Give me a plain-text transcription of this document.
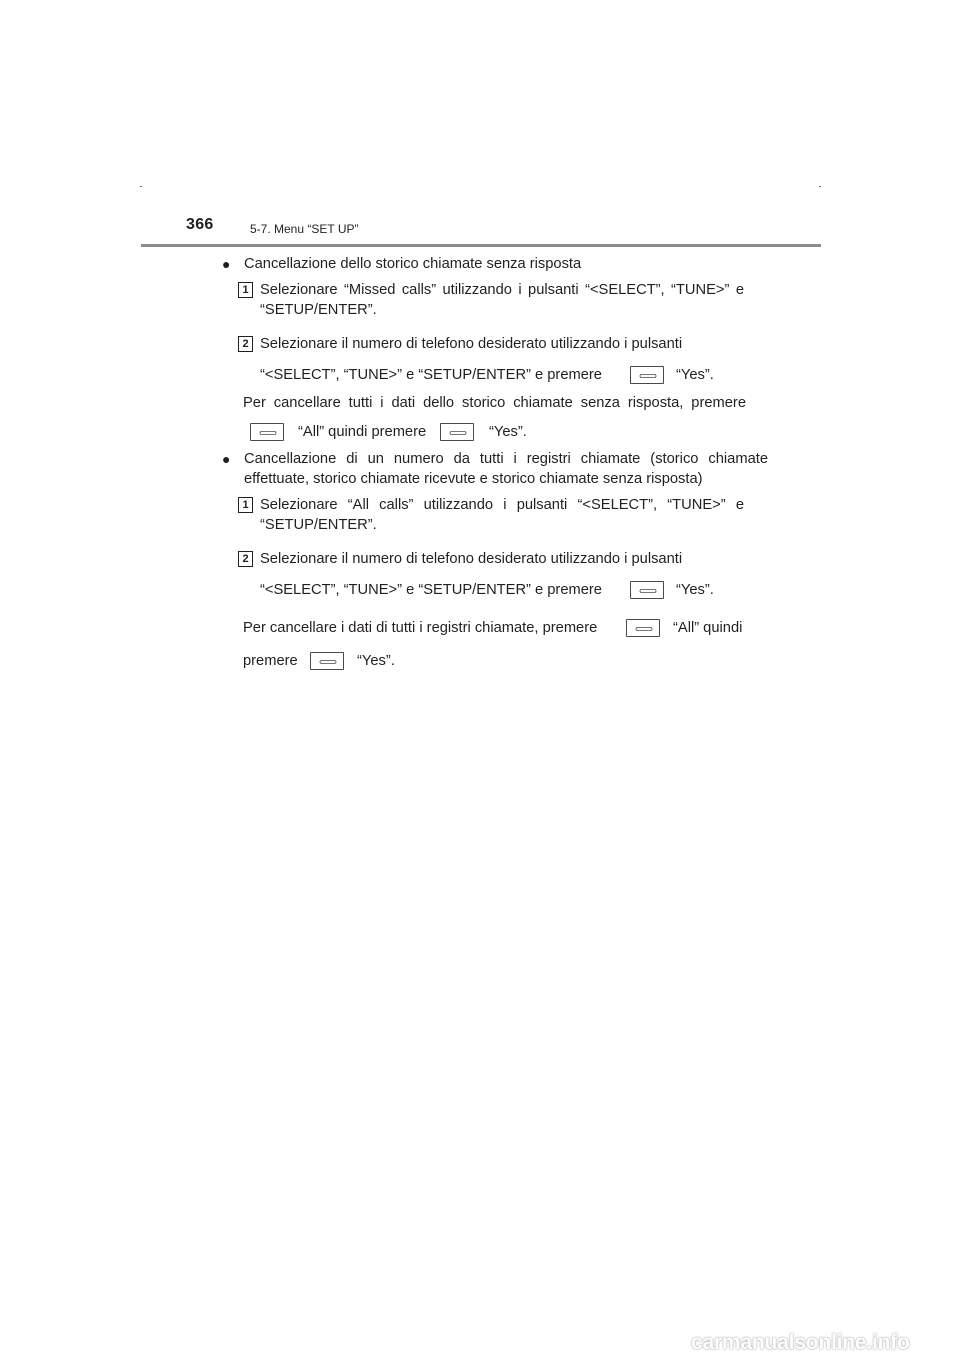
366	5-7. Menu “SET UP”
● Cancellazione dello storico chiamate senza risposta
1 Selezionare “Missed calls” utilizzando i pulsanti “<SELECT”, “TUNE>” e “SETUP/ENTER”.
2 Selezionare il numero di telefono desiderato utilizzando i pulsanti
“<SELECT”, “TUNE>” e “SETUP/ENTER” e premere	“Yes”.
Per cancellare tutti i dati dello storico chiamate senza risposta, premere
“All” quindi premere	“Yes”.
● Cancellazione di un numero da tutti i registri chiamate (storico chiamate effettuate, storico chiamate ricevute e storico chiamate senza risposta)
1 Selezionare “All calls” utilizzando i pulsanti “<SELECT”, “TUNE>” e “SETUP/ENTER”.
2 Selezionare il numero di telefono desiderato utilizzando i pulsanti
“<SELECT”, “TUNE>” e “SETUP/ENTER” e premere	“Yes”.
Per cancellare i dati di tutti i registri chiamate, premere	“All” quindi
premere	“Yes”.
carmanualsonline.info
